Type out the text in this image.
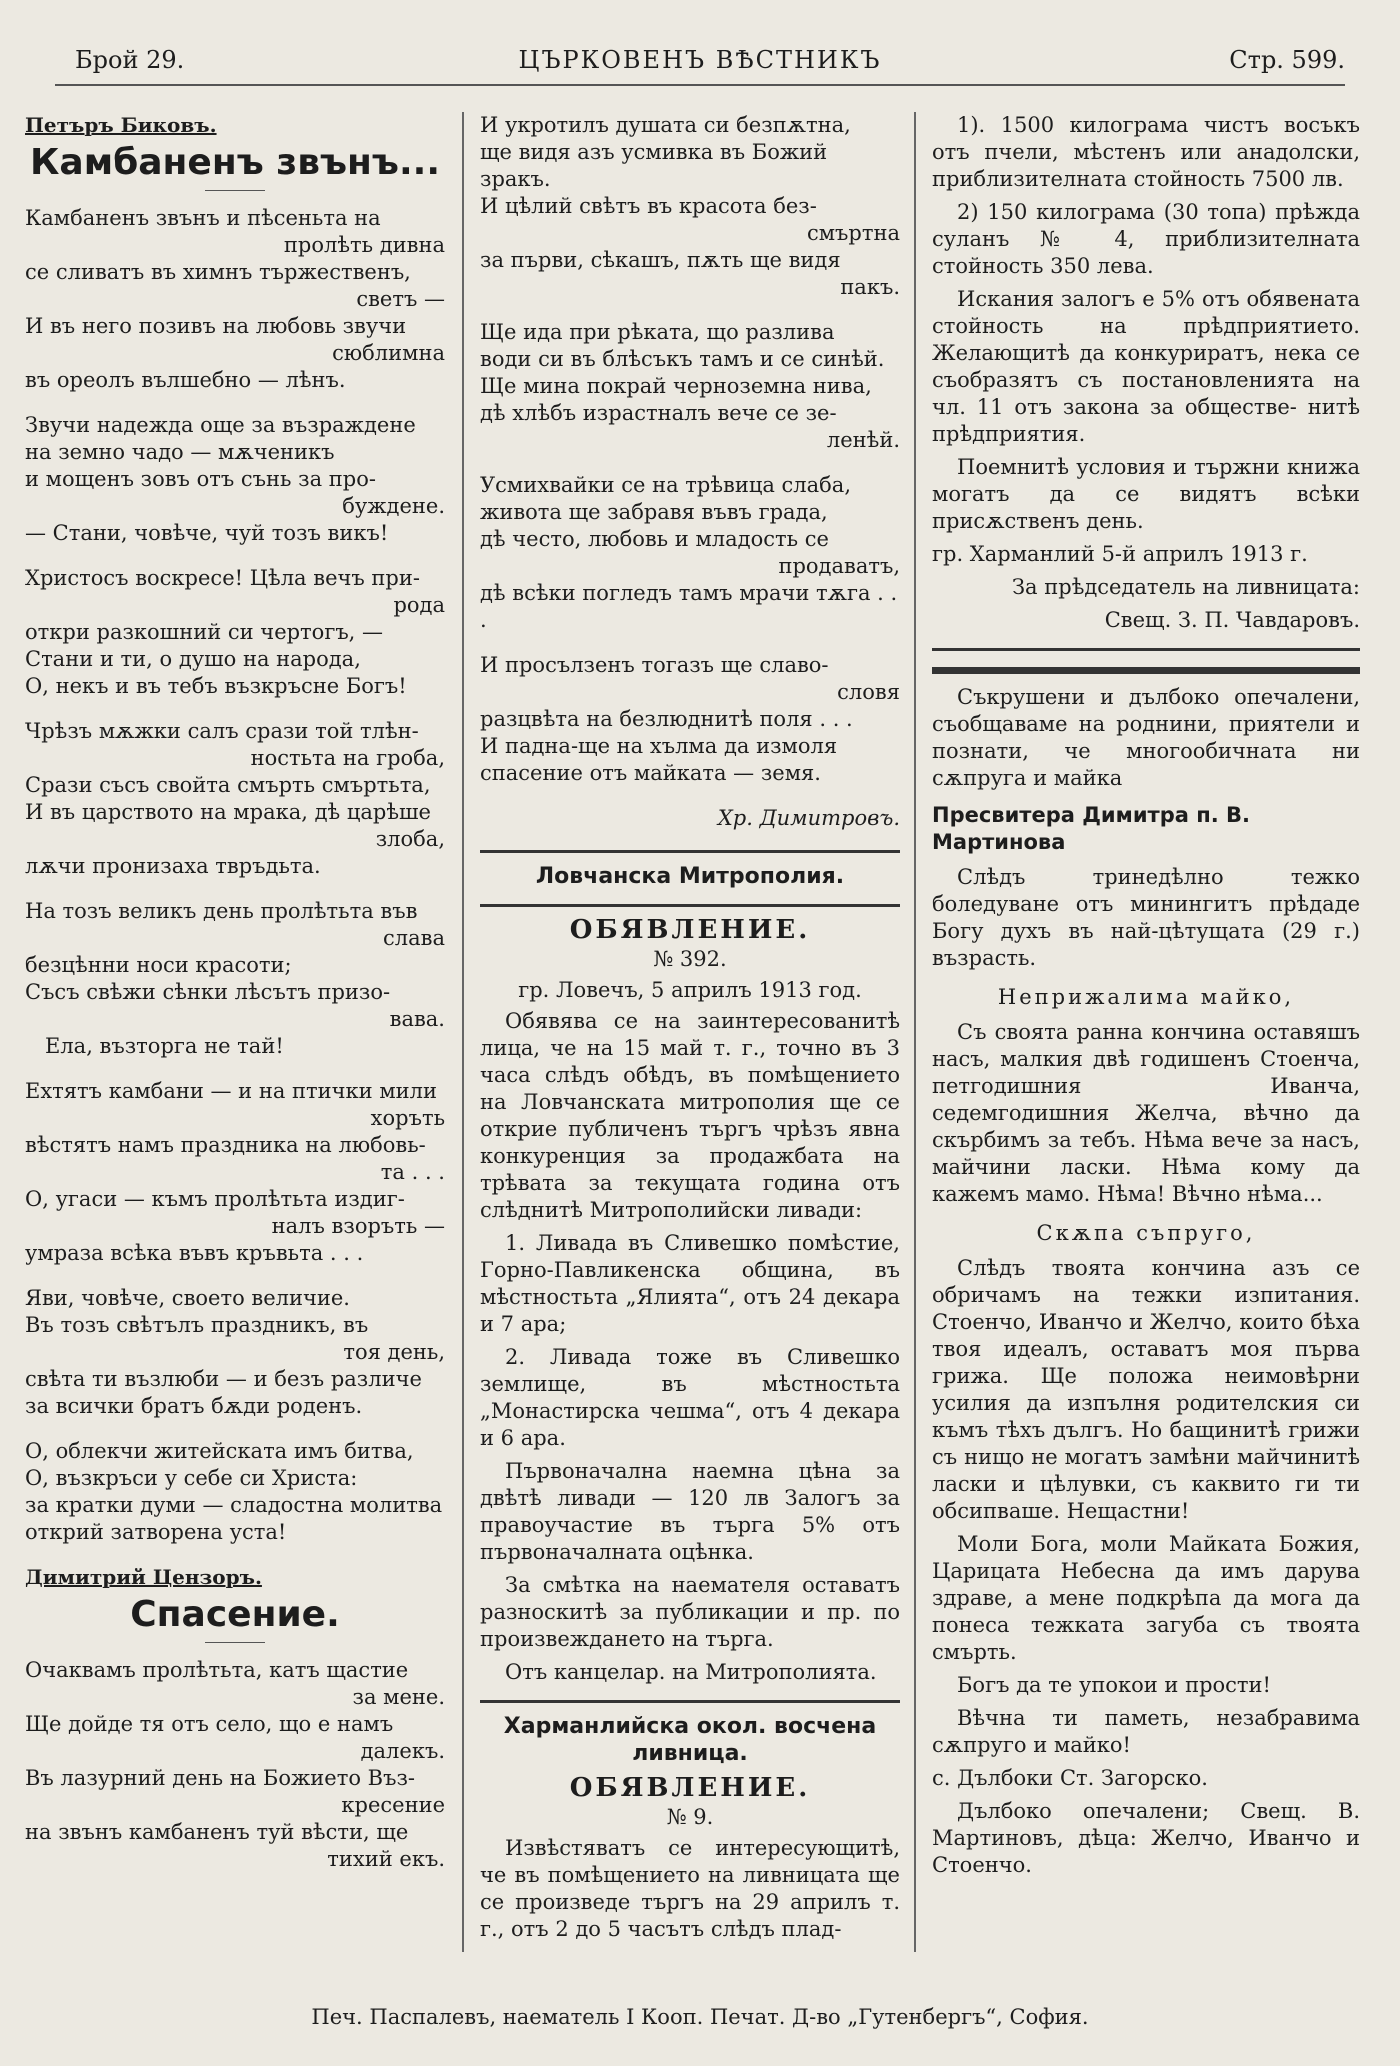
Брой 29.	ЦЪРКОВЕНЪ ВѢСТНИКЪ	Стр. 599.

Петъръ Биковъ.

Камбаненъ звънъ...

Камбаненъ звънъ и пѣсеньта на

пролѣть дивна

се сливатъ въ химнъ тържественъ,

светъ —

И въ него позивъ на любовь звучи

сюблимна

въ ореолъ вълшебно — лѣнъ.

Звучи надежда още за възраждене

на земно чадо — мѫченикъ

и мощенъ зовъ отъ сънь за про-

буждене.

— Стани, човѣче, чуй тозъ викъ!

Христосъ воскресе! Цѣла вечъ при-

рода

откри разкошний си чертогъ, —

Стани и ти, о душо на народа,

О, некъ и въ тебъ възкръсне Богъ!

Чрѣзъ мѫжки салъ срази той тлѣн-

ностьта на гроба,

Срази съсъ свойта смърть смъртьта,

И въ царството на мрака, дѣ царѣше

злоба,

лѫчи пронизаха твръдьта.

На тозъ великъ день пролѣтьта във

слава

безцѣнни носи красоти;

Съсъ свѣжи сѣнки лѣсътъ призо-

вава.

Ела, възторга не тай!

Ехтятъ камбани — и на птички мили

хоръть

вѣстятъ намъ праздника на любовь-

та . . .

О, угаси — къмъ пролѣтьта издиг-

налъ взоръть —

умраза всѣка въвъ кръвьта . . .

Яви, човѣче, своето величие.

Въ тозъ свѣтълъ праздникъ, въ

тоя день,

свѣта ти възлюби — и безъ различе

за всички братъ бѫди роденъ.

О, облекчи житейската имъ битва,

О, възкръси у себе си Христа:

за кратки думи — сладостна молитва

открий затворена уста!

Димитрий Цензоръ.

Спасение.

Очаквамъ пролѣтьта, катъ щастие

за мене.

Ще дойде тя отъ село, що е намъ

далекъ.

Въ лазурний день на Божието Въз-

кресение

на звънъ камбаненъ туй вѣсти, ще

тихий екъ.

И укротилъ душата си безпѫтна,

ще видя азъ усмивка въ Божий зракъ.

И цѣлий свѣтъ въ красота без-

смъртна

за първи, сѣкашъ, пѫть ще видя

пакъ.

Ще ида при рѣката, що разлива

води си въ блѣсъкъ тамъ и се синѣй.

Ще мина покрай черноземна нива,

дѣ хлѣбъ израстналъ вече се зе-

ленѣй.

Усмихвайки се на трѣвица слаба,

живота ще забравя въвъ града,

дѣ често, любовь и младость се

продаватъ,

дѣ всѣки погледъ тамъ мрачи тѫга . . .

И просълзенъ тогазъ ще славо-

словя

разцвѣта на безлюднитѣ поля . . .

И падна-ще на хълма да измоля

спасение отъ майката — земя.

Хр. Димитровъ.

Ловчанска Митрополия.
ОБЯВЛЕНИЕ.
№ 392.
гр. Ловечъ, 5 априлъ 1913 год.

Обявява се на заинтересованитѣ лица, че на 15 май т. г., точно въ 3 часа слѣдъ обѣдъ, въ помѣщението на Ловчанската митрополия ще се открие публиченъ търгъ чрѣзъ явна конкуренция за продажбата на трѣвата за текущата година отъ слѣднитѣ Митрополийски ливади:

1. Ливада въ Сливешко помѣстие, Горно-Павликенска община, въ мѣстностьта „Ялията“, отъ 24 декара и 7 ара;

2. Ливада тоже въ Сливешко землище, въ мѣстностьта „Монастирска чешма“, отъ 4 декара и 6 ара.

Първоначална наемна цѣна за двѣтѣ ливади — 120 лв Залогъ за правоучастие въ търга 5% отъ първоначалната оцѣнка.

За смѣтка на наемателя оставатъ разноскитѣ за публикации и пр. по произвеждането на търга.

Отъ канцелар. на Митрополията.

Харманлийска окол. восчена ливница.
ОБЯВЛЕНИЕ.
№ 9.

Извѣстяватъ се интересующитѣ, че въ помѣщението на ливницата ще се произведе търгъ на 29 априлъ т. г., отъ 2 до 5 часътъ слѣдъ плад-

1). 1500 килограма чистъ восъкъ отъ пчели, мѣстенъ или анадолски, приблизителната стойность 7500 лв.

2) 150 килограма (30 топа) прѣжда суланъ № 4, приблизителната стойность 350 лева.

Искания залогъ е 5% отъ обявената стойность на прѣдприятието. Желающитѣ да конкуриратъ, нека се съобразятъ съ постановленията на чл. 11 отъ закона за обществе- нитѣ прѣдприятия.

Поемнитѣ условия и тържни книжа могатъ да се видятъ всѣки присѫственъ день.

гр. Харманлий 5-й априлъ 1913 г.

За прѣдседатель на ливницата:

Свещ. З. П. Чавдаровъ.

Съкрушени и дълбоко опечалени, съобщаваме на роднини, приятели и познати, че многообичната ни сѫпруга и майка

Пресвитера Димитра п. В. Мартинова

Слѣдъ тринедѣлно тежко боледуване отъ минингитъ прѣдаде Богу духъ въ най-цѣтущата (29 г.) възрасть.

Неприжалима майко,

Съ своята ранна кончина оставяшъ насъ, малкия двѣ годишенъ Стоенча, петгодишния Иванча, седемгодишния Желча, вѣчно да скърбимъ за тебъ. Нѣма вече за насъ, майчини ласки. Нѣма кому да кажемъ мамо. Нѣма! Вѣчно нѣма...

Скѫпа съпруго,

Слѣдъ твоята кончина азъ се обричамъ на тежки изпитания. Стоенчо, Иванчо и Желчо, които бѣха твоя идеалъ, оставатъ моя първа грижа. Ще положа неимовѣрни усилия да изпълня родителския си къмъ тѣхъ дългъ. Но бащинитѣ грижи съ нищо не могатъ замѣни майчинитѣ ласки и цѣлувки, съ каквито ги ти обсипваше. Нещастни!

Моли Бога, моли Майката Божия, Царицата Небесна да имъ дарува здраве, а мене подкрѣпа да мога да понеса тежката загуба съ твоята смърть.

Богъ да те упокои и прости!

Вѣчна ти паметь, незабравима сѫпруго и майко!

с. Дълбоки Ст. Загорско.

Дълбоко опечалени; Свещ. В. Мартиновъ, дѣца: Желчо, Иванчо и Стоенчо.

Печ. Паспалевъ, наематель I Кооп. Печат. Д-во „Гутенбергъ“, София.
